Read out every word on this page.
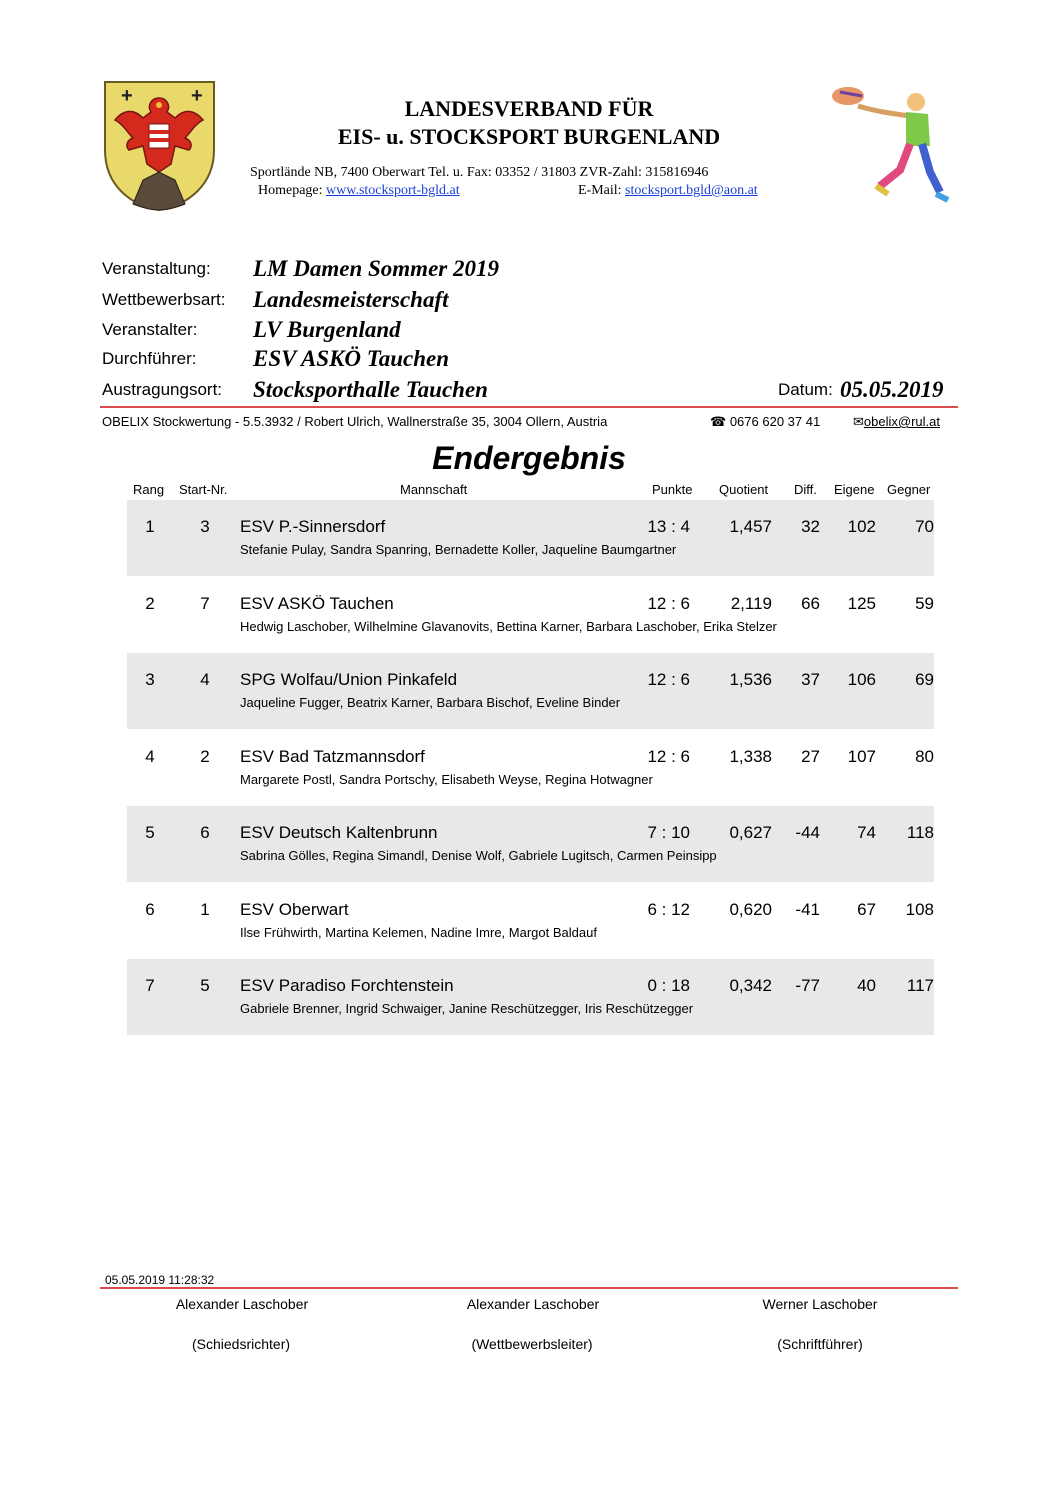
+	+	LANDESVERBAND FÜR
EIS- u. STOCKSPORT BURGENLAND
Sportlände NB, 7400 Oberwart Tel. u. Fax: 03352 / 31803 ZVR-Zahl: 315816946
Homepage: www.stocksport-bgld.at	E-Mail: stocksport.bgld@aon.at
Veranstaltung: LM Damen Sommer 2019
Wettbewerbsart: Landesmeisterschaft
Veranstalter: LV Burgenland
Durchführer: ESV ASKÖ Tauchen
Austragungsort: Stocksporthalle Tauchen	Datum: 05.05.2019
OBELIX Stockwertung - 5.5.3932 / Robert Ulrich, Wallnerstraße 35, 3004 Ollern, Austria	☎ 0676 620 37 41	✉obelix@rul.at
Endergebnis
Rang Start-Nr.	Mannschaft	Punkte Quotient Diff. Eigene Gegner
1	3	ESV P.-Sinnersdorf	13 : 4	1,457	32	102	70
Stefanie Pulay, Sandra Spanring, Bernadette Koller, Jaqueline Baumgartner
2	7	ESV ASKÖ Tauchen	12 : 6	2,119	66	125	59
Hedwig Laschober, Wilhelmine Glavanovits, Bettina Karner, Barbara Laschober, Erika Stelzer
3	4	SPG Wolfau/Union Pinkafeld	12 : 6	1,536	37	106	69
Jaqueline Fugger, Beatrix Karner, Barbara Bischof, Eveline Binder
4	2	ESV Bad Tatzmannsdorf	12 : 6	1,338	27	107	80
Margarete Postl, Sandra Portschy, Elisabeth Weyse, Regina Hotwagner
5	6	ESV Deutsch Kaltenbrunn	7 : 10	0,627	-44	74	118
Sabrina Gölles, Regina Simandl, Denise Wolf, Gabriele Lugitsch, Carmen Peinsipp
6	1	ESV Oberwart	6 : 12	0,620	-41	67	108
Ilse Frühwirth, Martina Kelemen, Nadine Imre, Margot Baldauf
7	5	ESV Paradiso Forchtenstein	0 : 18	0,342	-77	40	117
Gabriele Brenner, Ingrid Schwaiger, Janine Reschützegger, Iris Reschützegger
05.05.2019 11:28:32
Alexander Laschober
(Schiedsrichter)
Alexander Laschober
(Wettbewerbsleiter)
Werner Laschober
(Schriftführer)
